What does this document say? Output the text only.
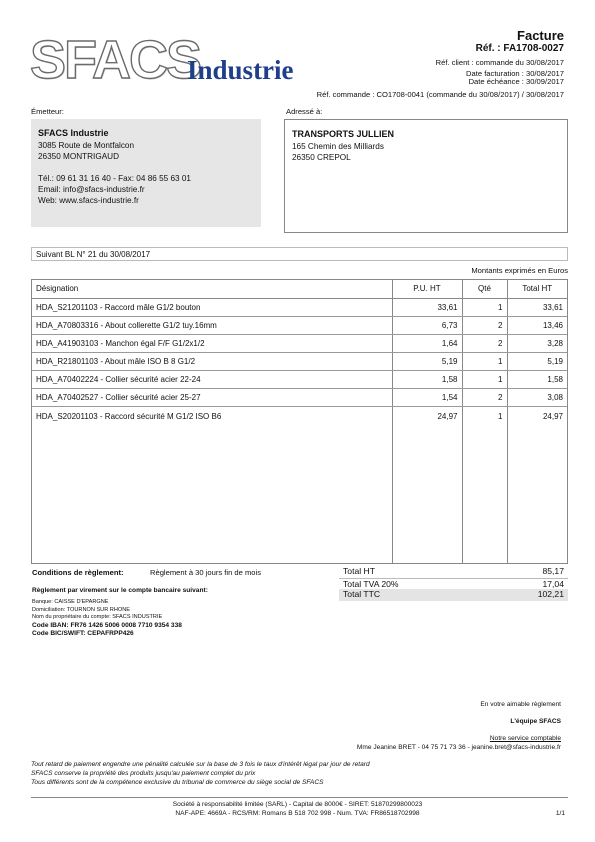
SFACS
Industrie
Facture
Réf. : FA1708-0027
Réf. client : commande du 30/08/2017
Date facturation : 30/08/2017
Date échéance : 30/09/2017
Réf. commande : CO1708-0041 (commande du 30/08/2017) / 30/08/2017
Émetteur:
SFACS Industrie
3085 Route de Montfalcon
26350 MONTRIGAUD
Tél.: 09 61 31 16 40 - Fax: 04 86 55 63 01
Email: info@sfacs-industrie.fr
Web: www.sfacs-industrie.fr
Adressé à:
TRANSPORTS JULLIEN
165 Chemin des Milliards
26350 CREPOL
Suivant BL N° 21 du 30/08/2017
Montants exprimés en Euros
Désignation	P.U. HT	Qté	Total HT
HDA_S21201103 - Raccord mâle G1/2 bouton	33,61	1	33,61
HDA_A70803316 - About collerette G1/2 tuy.16mm	6,73	2	13,46
HDA_A41903103 - Manchon égal F/F G1/2x1/2	1,64	2	3,28
HDA_R21801103 - About mâle ISO B 8 G1/2	5,19	1	5,19
HDA_A70402224 - Collier sécurité acier 22-24	1,58	1	1,58
HDA_A70402527 - Collier sécurité acier 25-27	1,54	2	3,08
HDA_S20201103 - Raccord sécurité M G1/2 ISO B6	24,97	1	24,97
Conditions de règlement:	Règlement à 30 jours fin de mois
Règlement par virement sur le compte bancaire suivant:
Banque: CAISSE D'EPARGNE
Domiciliation: TOURNON SUR RHONE
Nom du propriétaire du compte: SFACS INDUSTRIE
Code IBAN: FR76 1426 5006 0008 7710 9354 338
Code BIC/SWIFT: CEPAFRPP426
Total HT	85,17
Total TVA 20%	17,04
Total TTC	102,21
En votre aimable règlement
L'équipe SFACS
Notre service comptable
Mme Jeanine BRET - 04 75 71 73 36 - jeanine.bret@sfacs-industrie.fr
Tout retard de paiement engendre une pénalité calculée sur la base de 3 fois le taux d'intérêt légal par jour de retard
SFACS conserve la propriété des produits jusqu'au paiement complet du prix
Tous différents sont de la compétence exclusive du tribunal de commerce du siège social de SFACS
Société à responsabilité limitée (SARL) - Capital de 8000€ - SIRET: 51870299800023
NAF-APE: 4669A - RCS/RM: Romans B 518 702 998 - Num. TVA: FR86518702998	1/1
